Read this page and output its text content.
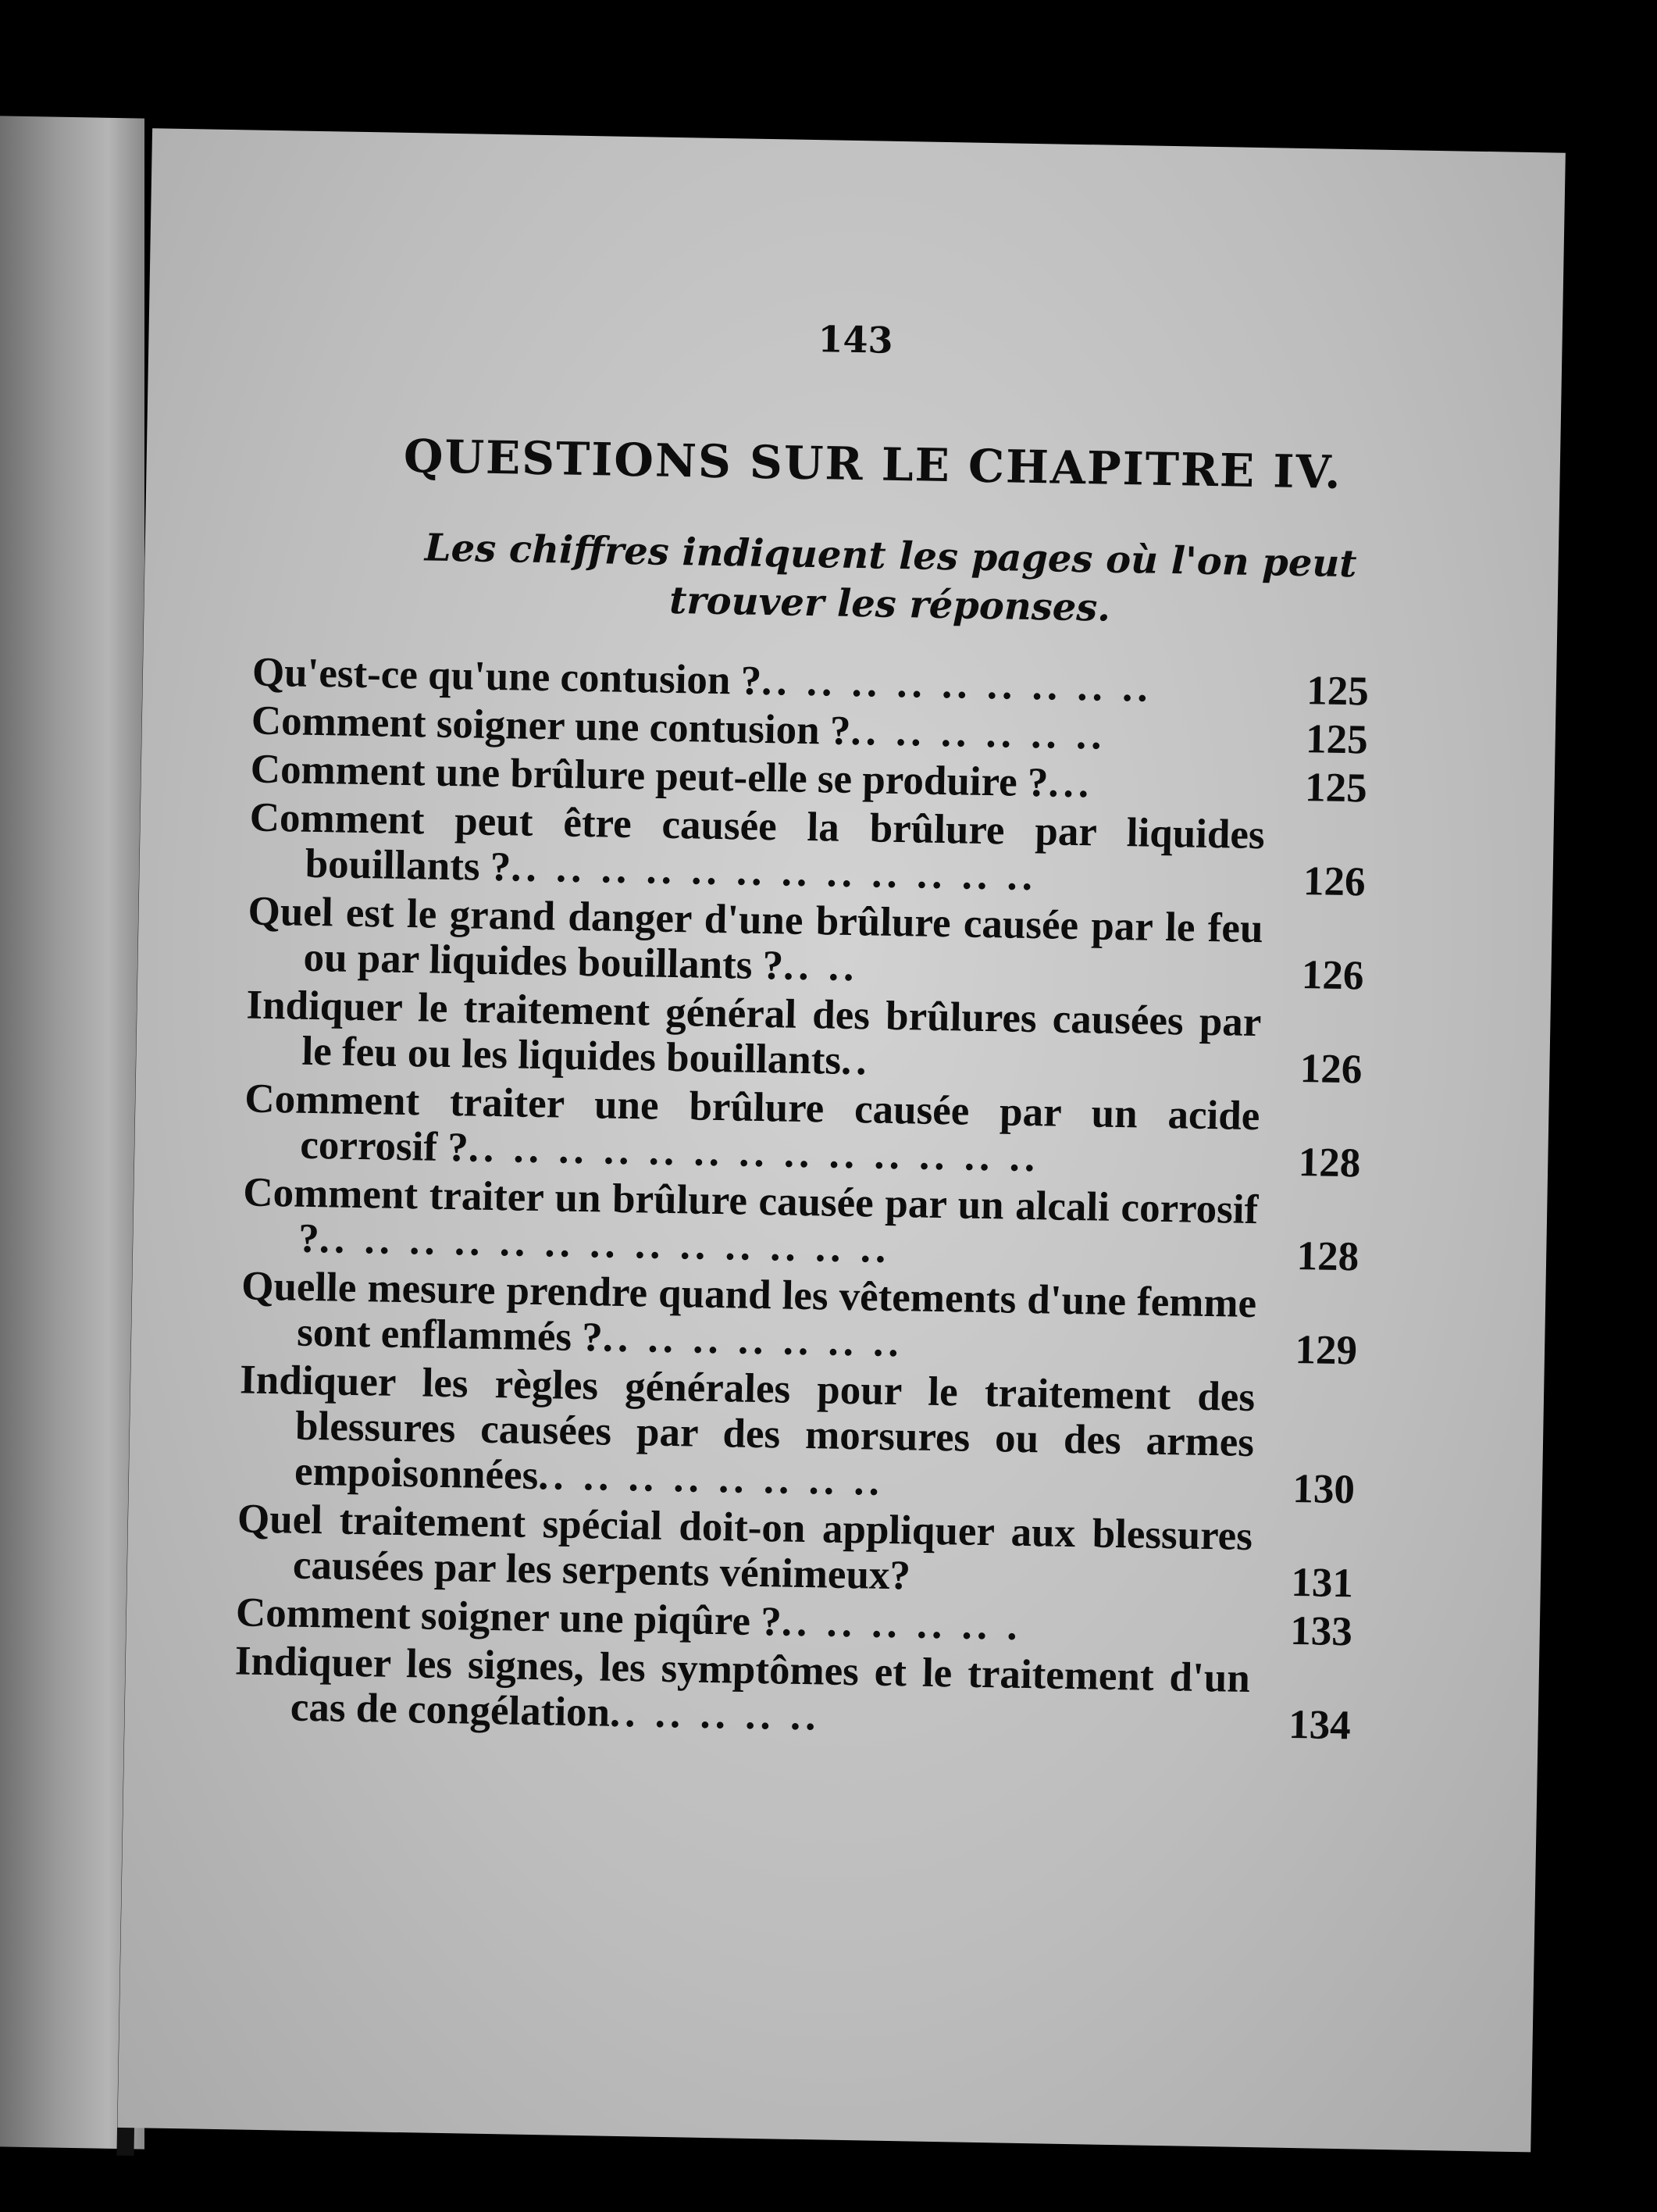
143
QUESTIONS SUR LE CHAPITRE IV.
Les chiffres indiquent les pages où l'on peut trouver les réponses.
Qu'est-ce qu'une contusion ?.. .. .. .. .. .. .. .. ..	125
Comment soigner une contusion ?.. .. .. .. .. ..	125
Comment une brûlure peut-elle se produire ?...	125
Comment peut être causée la brûlure par liquides bouillants ?.. .. .. .. .. .. .. .. .. .. .. ..	126
Quel est le grand danger d'une brûlure causée par le feu ou par liquides bouillants ?.. ..	126
Indiquer le traitement général des brûlures causées par le feu ou les liquides bouillants..	126
Comment traiter une brûlure causée par un acide corrosif ?.. .. .. .. .. .. .. .. .. .. .. .. ..	128
Comment traiter un brûlure causée par un alcali corrosif ?.. .. .. .. .. .. .. .. .. .. .. .. ..	128
Quelle mesure prendre quand les vêtements d'une femme sont enflammés ?.. .. .. .. .. .. ..	129
Indiquer les règles générales pour le traitement des blessures causées par des morsures ou des armes empoisonnées.. .. .. .. .. .. .. ..	130
Quel traitement spécial doit-on appliquer aux blessures causées par les serpents vénimeux?	131
Comment soigner une piqûre ?.. .. .. .. .. .	133
Indiquer les signes, les symptômes et le traitement d'un cas de congélation.. .. .. .. ..	134
